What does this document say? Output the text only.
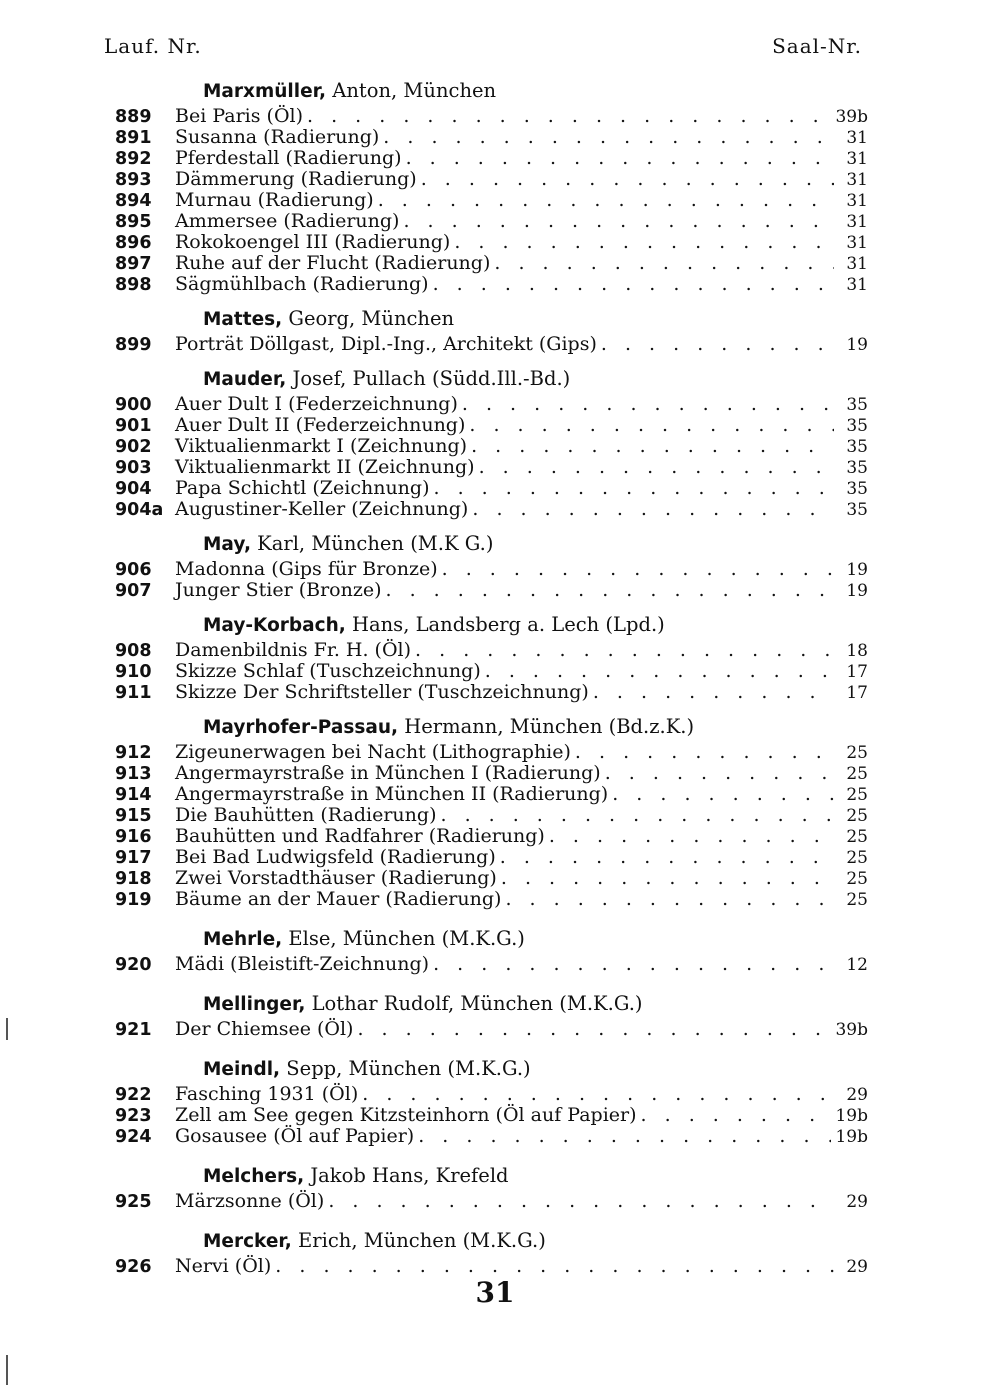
Lauf. Nr.	Saal-Nr.
Marxmüller, Anton, München
889	Bei Paris (Öl) . . .	39b
891	Susanna (Radierung) . . .	31
892	Pferdestall (Radierung) . . .	31
893	Dämmerung (Radierung) . . .	31
894	Murnau (Radierung) . . .	31
895	Ammersee (Radierung) . . .	31
896	Rokokoengel III (Radierung) . . .	31
897	Ruhe auf der Flucht (Radierung) . . .	31
898	Sägmühlbach (Radierung) . . .	31
Mattes, Georg, München
899	Porträt Döllgast, Dipl.-Ing., Architekt (Gips) . . .	19
Mauder, Josef, Pullach (Südd.Ill.-Bd.)
900	Auer Dult I (Federzeichnung) . . .	35
901	Auer Dult II (Federzeichnung) . . .	35
902	Viktualienmarkt I (Zeichnung) . . .	35
903	Viktualienmarkt II (Zeichnung) . . .	35
904	Papa Schichtl (Zeichnung) . . .	35
904a Augustiner-Keller (Zeichnung) . . .	35
May, Karl, München (M.K G.)
906	Madonna (Gips für Bronze) . . .	19
907	Junger Stier (Bronze) . . .	19
May-Korbach, Hans, Landsberg a. Lech (Lpd.)
908	Damenbildnis Fr. H. (Öl) . . .	18
910	Skizze Schlaf (Tuschzeichnung) . . .	17
911	Skizze Der Schriftsteller (Tuschzeichnung) . . .	17
Mayrhofer-Passau, Hermann, München (Bd.z.K.)
912	Zigeunerwagen bei Nacht (Lithographie) . . .	25
913	Angermayrstraße in München I (Radierung) . . .	25
914	Angermayrstraße in München II (Radierung) . . .	25
915	Die Bauhütten (Radierung) . . .	25
916	Bauhütten und Radfahrer (Radierung) . . .	25
917	Bei Bad Ludwigsfeld (Radierung) . . .	25
918	Zwei Vorstadthäuser (Radierung) . . .	25
919	Bäume an der Mauer (Radierung) . . .	25
Mehrle, Else, München (M.K.G.)
920	Mädi (Bleistift-Zeichnung) . . .	12
Mellinger, Lothar Rudolf, München (M.K.G.)
921	Der Chiemsee (Öl) . . .	39b
Meindl, Sepp, München (M.K.G.)
922	Fasching 1931 (Öl) . . .	29
923	Zell am See gegen Kitzsteinhorn (Öl auf Papier) . . .	19b
924	Gosausee (Öl auf Papier) . . .	19b
Melchers, Jakob Hans, Krefeld
925	Märzsonne (Öl) . . .	29
Mercker, Erich, München (M.K.G.)
926	Nervi (Öl) . . .	29
31
